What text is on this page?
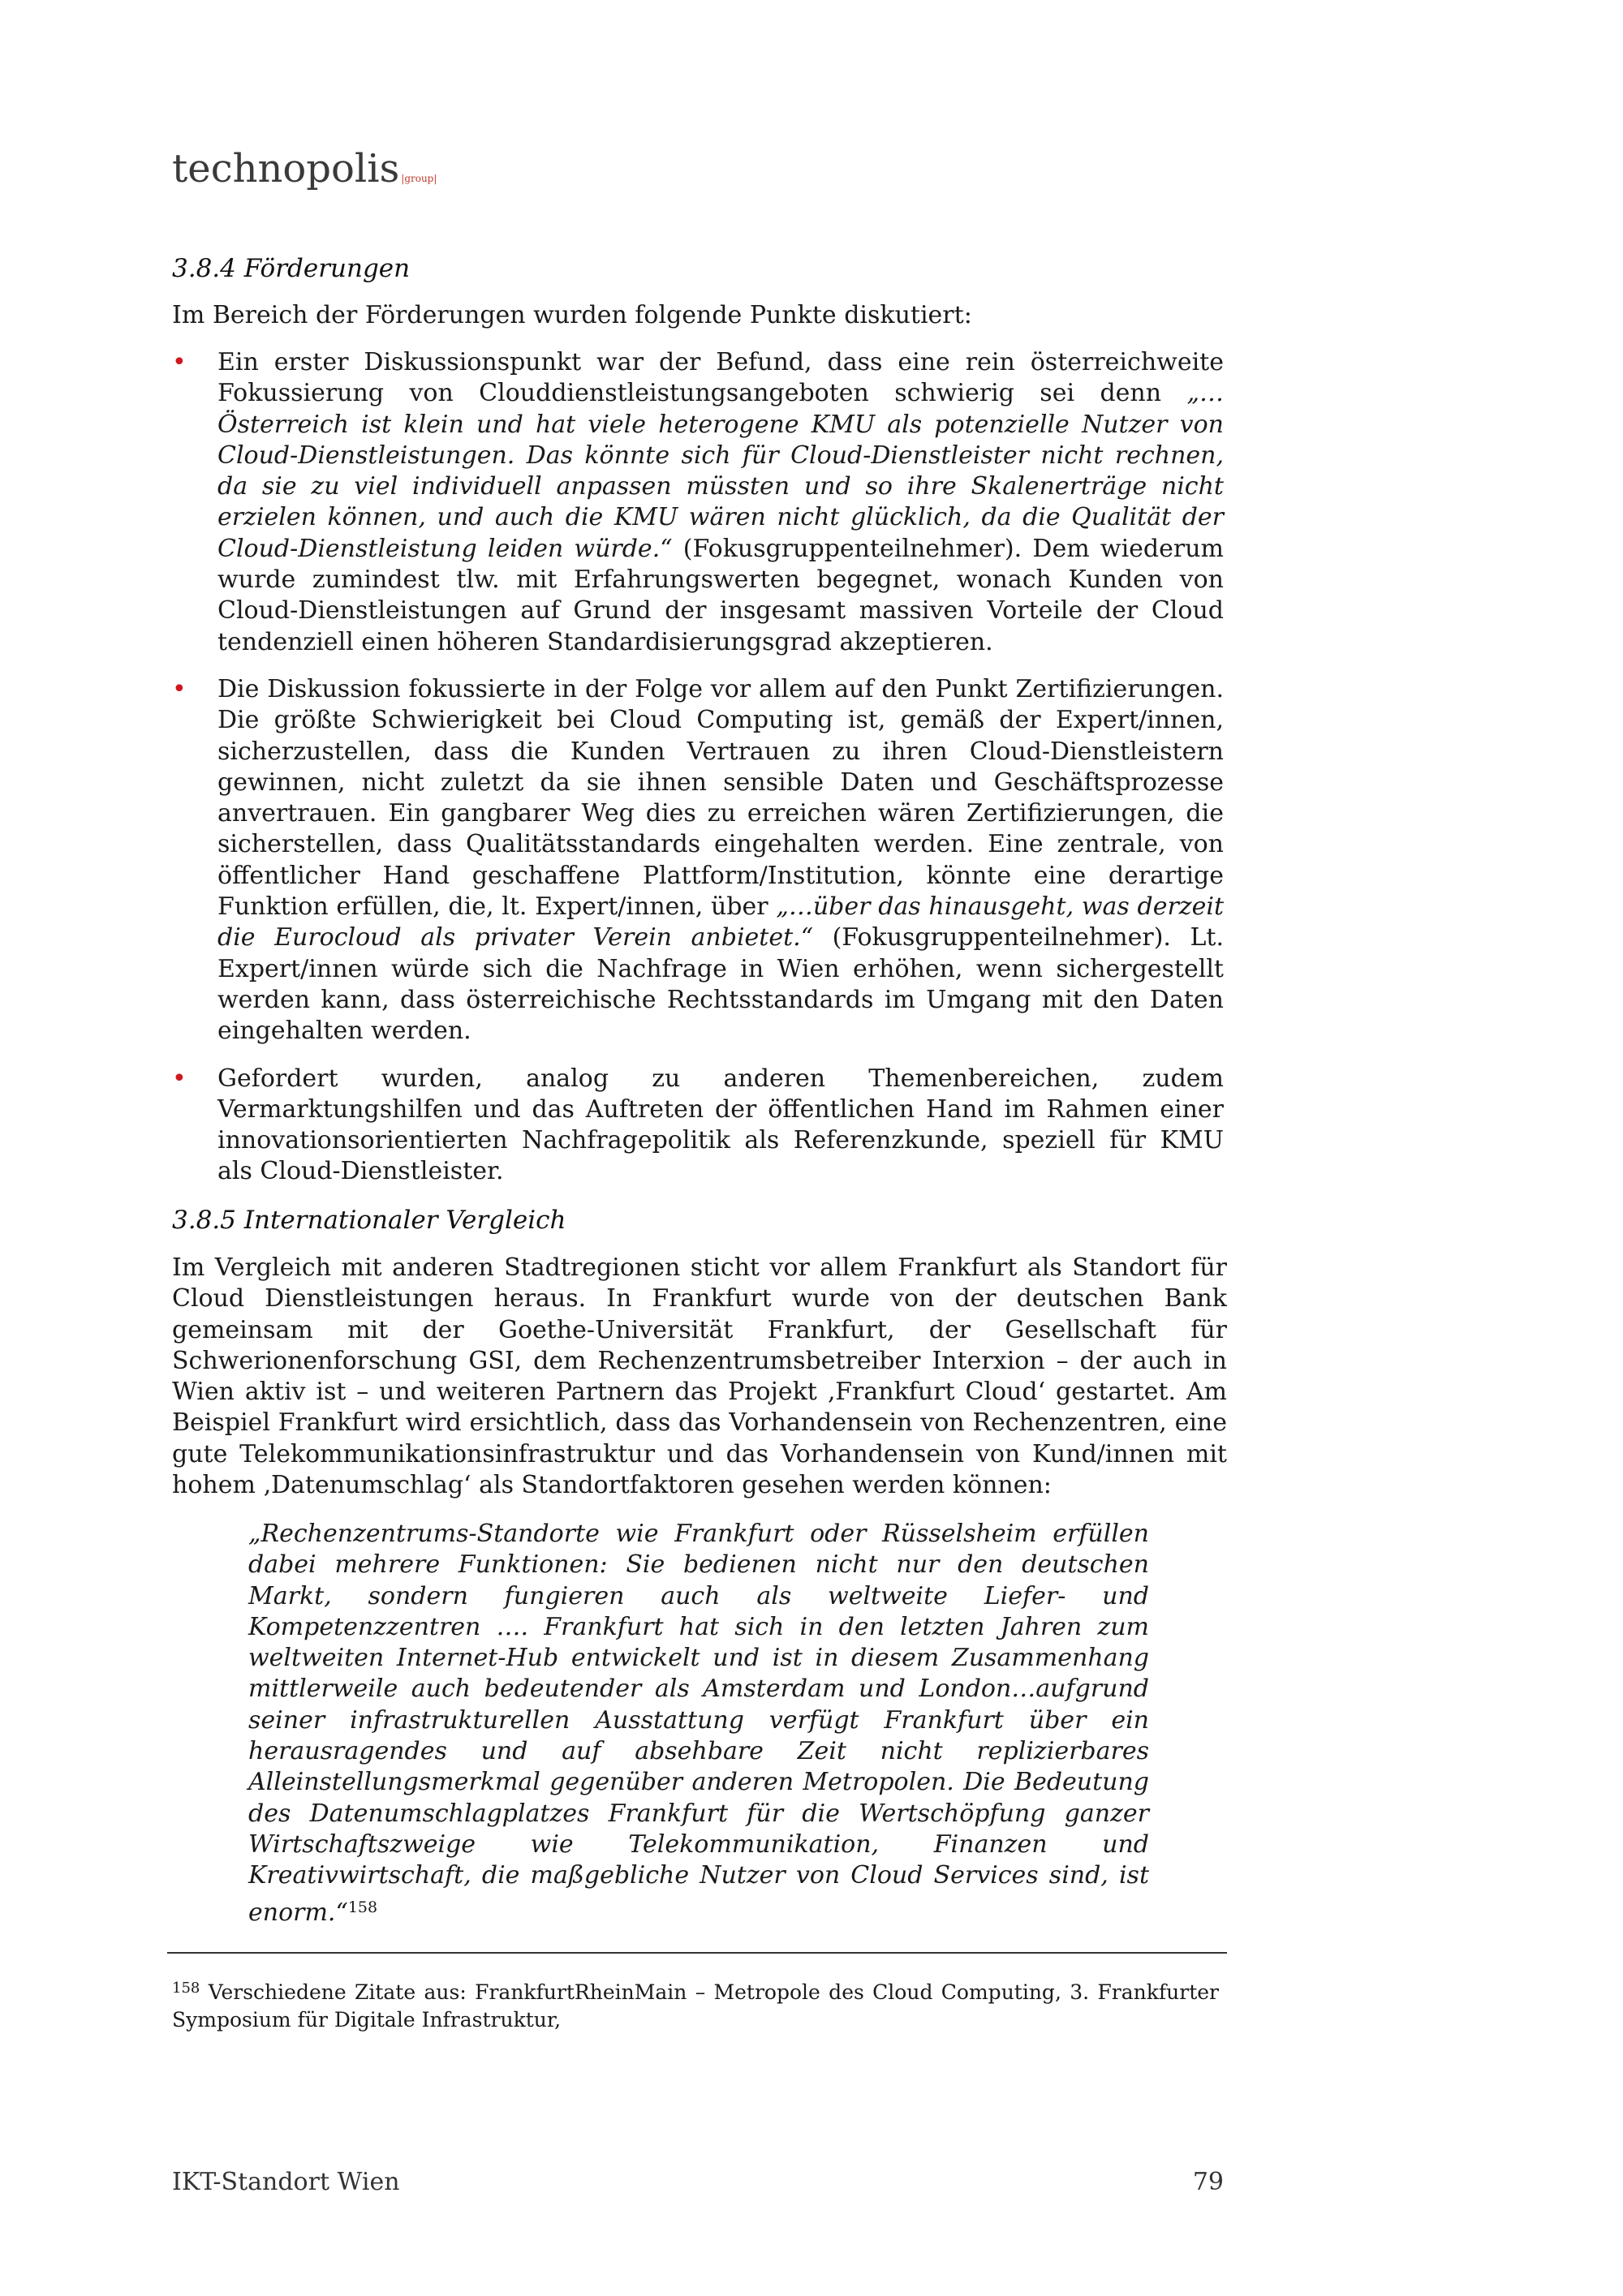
technopolis | group |
3.8.4 Förderungen
Im Bereich der Förderungen wurden folgende Punkte diskutiert:
• Ein erster Diskussionspunkt war der Befund, dass eine rein österreichweite Fokussierung von Clouddienstleistungsangeboten schwierig sei denn „…Österreich ist klein und hat viele heterogene KMU als potenzielle Nutzer von Cloud-Dienstleistungen. Das könnte sich für Cloud-Dienstleister nicht rechnen, da sie zu viel individuell anpassen müssten und so ihre Skalenerträge nicht erzielen können, und auch die KMU wären nicht glücklich, da die Qualität der Cloud-Dienstleistung leiden würde.“ (Fokusgruppenteilnehmer). Dem wiederum wurde zumindest tlw. mit Erfahrungswerten begegnet, wonach Kunden von Cloud-Dienstleistungen auf Grund der insgesamt massiven Vorteile der Cloud tendenziell einen höheren Standardisierungsgrad akzeptieren.
• Die Diskussion fokussierte in der Folge vor allem auf den Punkt Zertifizierungen. Die größte Schwierigkeit bei Cloud Computing ist, gemäß der Expert/innen, sicherzustellen, dass die Kunden Vertrauen zu ihren Cloud-Dienstleistern gewinnen, nicht zuletzt da sie ihnen sensible Daten und Geschäftsprozesse anvertrauen. Ein gangbarer Weg dies zu erreichen wären Zertifizierungen, die sicherstellen, dass Qualitätsstandards eingehalten werden. Eine zentrale, von öffentlicher Hand geschaffene Plattform/Institution, könnte eine derartige Funktion erfüllen, die, lt. Expert/innen, über „…über das hinausgeht, was derzeit die Eurocloud als privater Verein anbietet.“ (Fokusgruppenteilnehmer). Lt. Expert/innen würde sich die Nachfrage in Wien erhöhen, wenn sichergestellt werden kann, dass österreichische Rechtsstandards im Umgang mit den Daten eingehalten werden.
• Gefordert wurden, analog zu anderen Themenbereichen, zudem Vermarktungshilfen und das Auftreten der öffentlichen Hand im Rahmen einer innovationsorientierten Nachfragepolitik als Referenzkunde, speziell für KMU als Cloud-Dienstleister.
3.8.5 Internationaler Vergleich
Im Vergleich mit anderen Stadtregionen sticht vor allem Frankfurt als Standort für Cloud Dienstleistungen heraus. In Frankfurt wurde von der deutschen Bank gemeinsam mit der Goethe-Universität Frankfurt, der Gesellschaft für Schwerionenforschung GSI, dem Rechenzentrumsbetreiber Interxion – der auch in Wien aktiv ist – und weiteren Partnern das Projekt ‚Frankfurt Cloud‘ gestartet. Am Beispiel Frankfurt wird ersichtlich, dass das Vorhandensein von Rechenzentren, eine gute Telekommunikationsinfrastruktur und das Vorhandensein von Kund/innen mit hohem ‚Datenumschlag‘ als Standortfaktoren gesehen werden können:
„Rechenzentrums-Standorte wie Frankfurt oder Rüsselsheim erfüllen dabei mehrere Funktionen: Sie bedienen nicht nur den deutschen Markt, sondern fungieren auch als weltweite Liefer- und Kompetenzzentren …. Frankfurt hat sich in den letzten Jahren zum weltweiten Internet-Hub entwickelt und ist in diesem Zusammenhang mittlerweile auch bedeutender als Amsterdam und London…aufgrund seiner infrastrukturellen Ausstattung verfügt Frankfurt über ein herausragendes und auf absehbare Zeit nicht replizierbares Alleinstellungsmerkmal gegenüber anderen Metropolen. Die Bedeutung des Datenumschlagplatzes Frankfurt für die Wertschöpfung ganzer Wirtschaftszweige wie Telekommunikation, Finanzen und Kreativwirtschaft, die maßgebliche Nutzer von Cloud Services sind, ist enorm.“$^{158}$
$^{158}$ Verschiedene Zitate aus: FrankfurtRheinMain – Metropole des Cloud Computing, 3. Frankfurter Symposium für Digitale Infrastruktur,
IKT-Standort Wien	79
